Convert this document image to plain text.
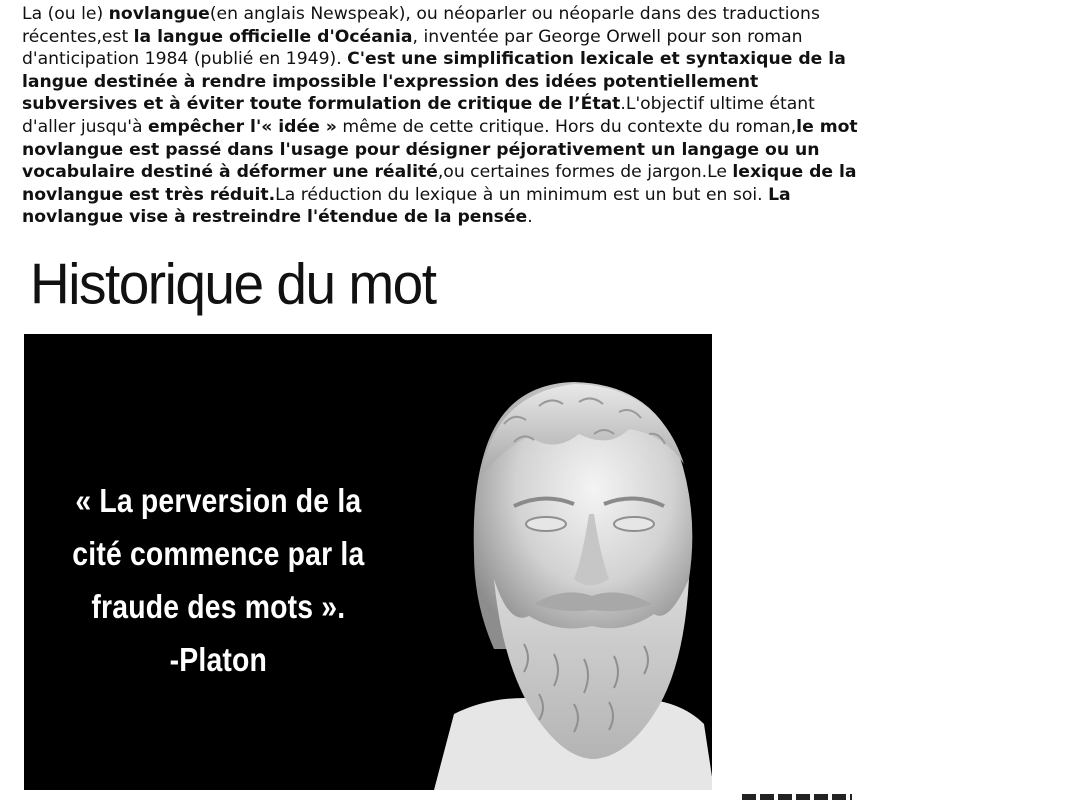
La (ou le) novlangue(en anglais Newspeak), ou néoparler ou néoparle dans des traductions récentes,est la langue officielle d'Océania, inventée par George Orwell pour son roman d'anticipation 1984 (publié en 1949). C'est une simplification lexicale et syntaxique de la langue destinée à rendre impossible l'expression des idées potentiellement subversives et à éviter toute formulation de critique de l’État.L'objectif ultime étant d'aller jusqu'à empêcher l'« idée » même de cette critique. Hors du contexte du roman,le mot novlangue est passé dans l'usage pour désigner péjorativement un langage ou un vocabulaire destiné à déformer une réalité,ou certaines formes de jargon.Le lexique de la novlangue est très réduit.La réduction du lexique à un minimum est un but en soi. La novlangue vise à restreindre l'étendue de la pensée.

Historique du mot
« La perversion de la
cité commence par la
fraude des mots ».
-Platon
